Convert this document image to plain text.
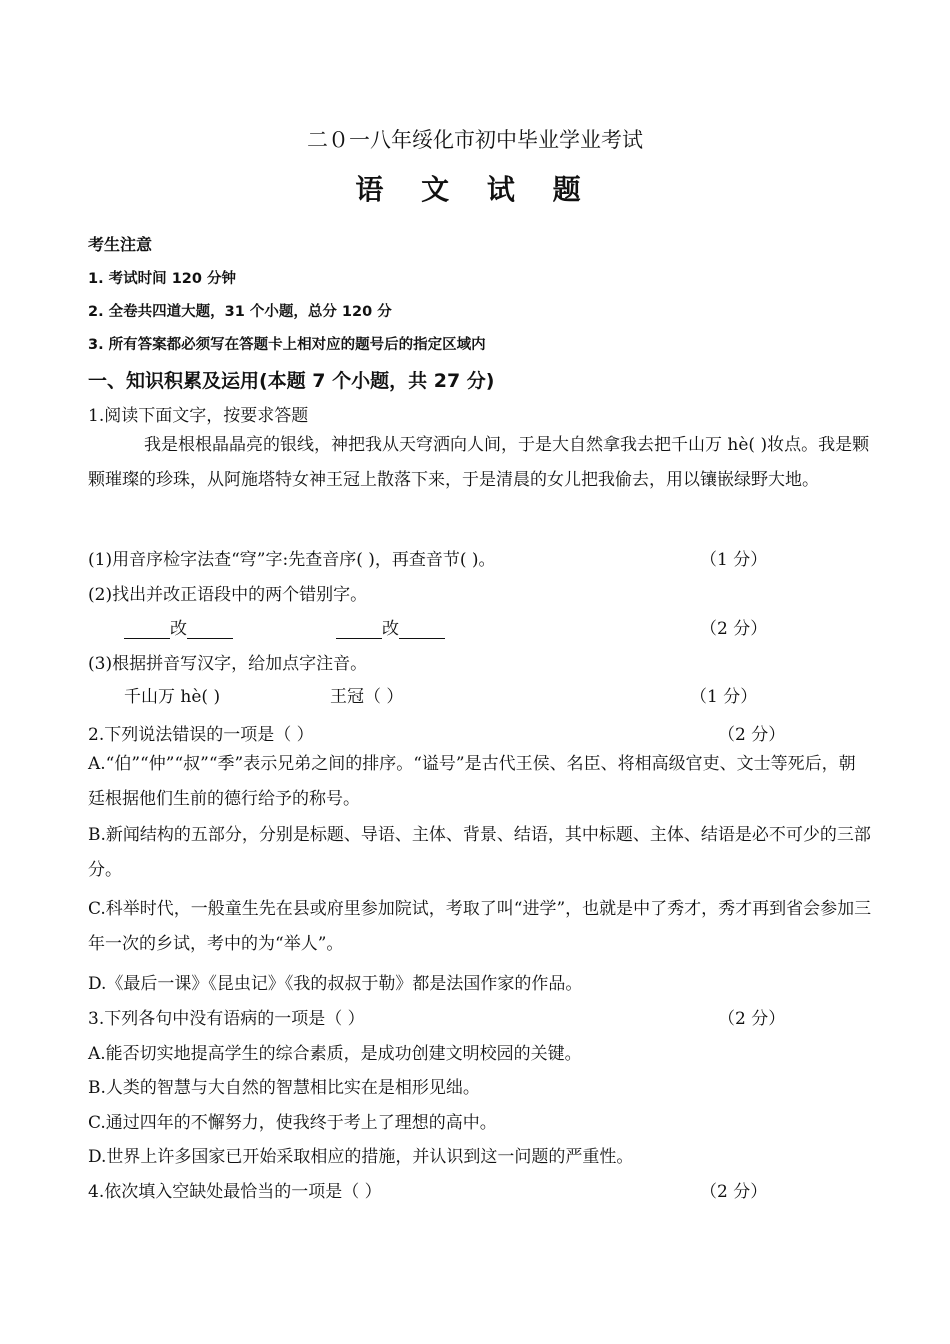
二０一八年绥化市初中毕业学业考试
语 文 试 题
考生注意
1. 考试时间 120 分钟
2. 全卷共四道大题，31 个小题，总分 120 分
3. 所有答案都必须写在答题卡上相对应的题号后的指定区域内
一、知识积累及运用(本题 7 个小题，共 27 分)
1.阅读下面文字，按要求答题
我是根根晶晶亮的银线，神把我从天穹洒向人间，于是大自然拿我去把千山万 hè( )妆点。我是颗颗璀璨的珍珠，从阿施塔特女神王冠上散落下来，于是清晨的女儿把我偷去，用以镶嵌绿野大地。
(1)用音序检字法查“穹”字:先查音序( )，再查音节( )。	（1 分）
(2)找出并改正语段中的两个错别字。
改	改	（2 分）
(3)根据拼音写汉字，给加点字注音。
千山万 hè( )	王冠（ ）	（1 分）
2.下列说法错误的一项是（ ）	（2 分）
A.“伯”“仲”“叔”“季”表示兄弟之间的排序。“谥号”是古代王侯、名臣、将相高级官吏、文士等死后，朝廷根据他们生前的德行给予的称号。
B.新闻结构的五部分，分别是标题、导语、主体、背景、结语，其中标题、主体、结语是必不可少的三部分。
C.科举时代，一般童生先在县或府里参加院试，考取了叫“进学”，也就是中了秀才，秀才再到省会参加三年一次的乡试，考中的为“举人”。
D.《最后一课》《昆虫记》《我的叔叔于勒》都是法国作家的作品。
3.下列各句中没有语病的一项是（ ）	（2 分）
A.能否切实地提高学生的综合素质，是成功创建文明校园的关键。
B.人类的智慧与大自然的智慧相比实在是相形见绌。
C.通过四年的不懈努力，使我终于考上了理想的高中。
D.世界上许多国家已开始采取相应的措施，并认识到这一问题的严重性。
4.依次填入空缺处最恰当的一项是（ ）	（2 分）
